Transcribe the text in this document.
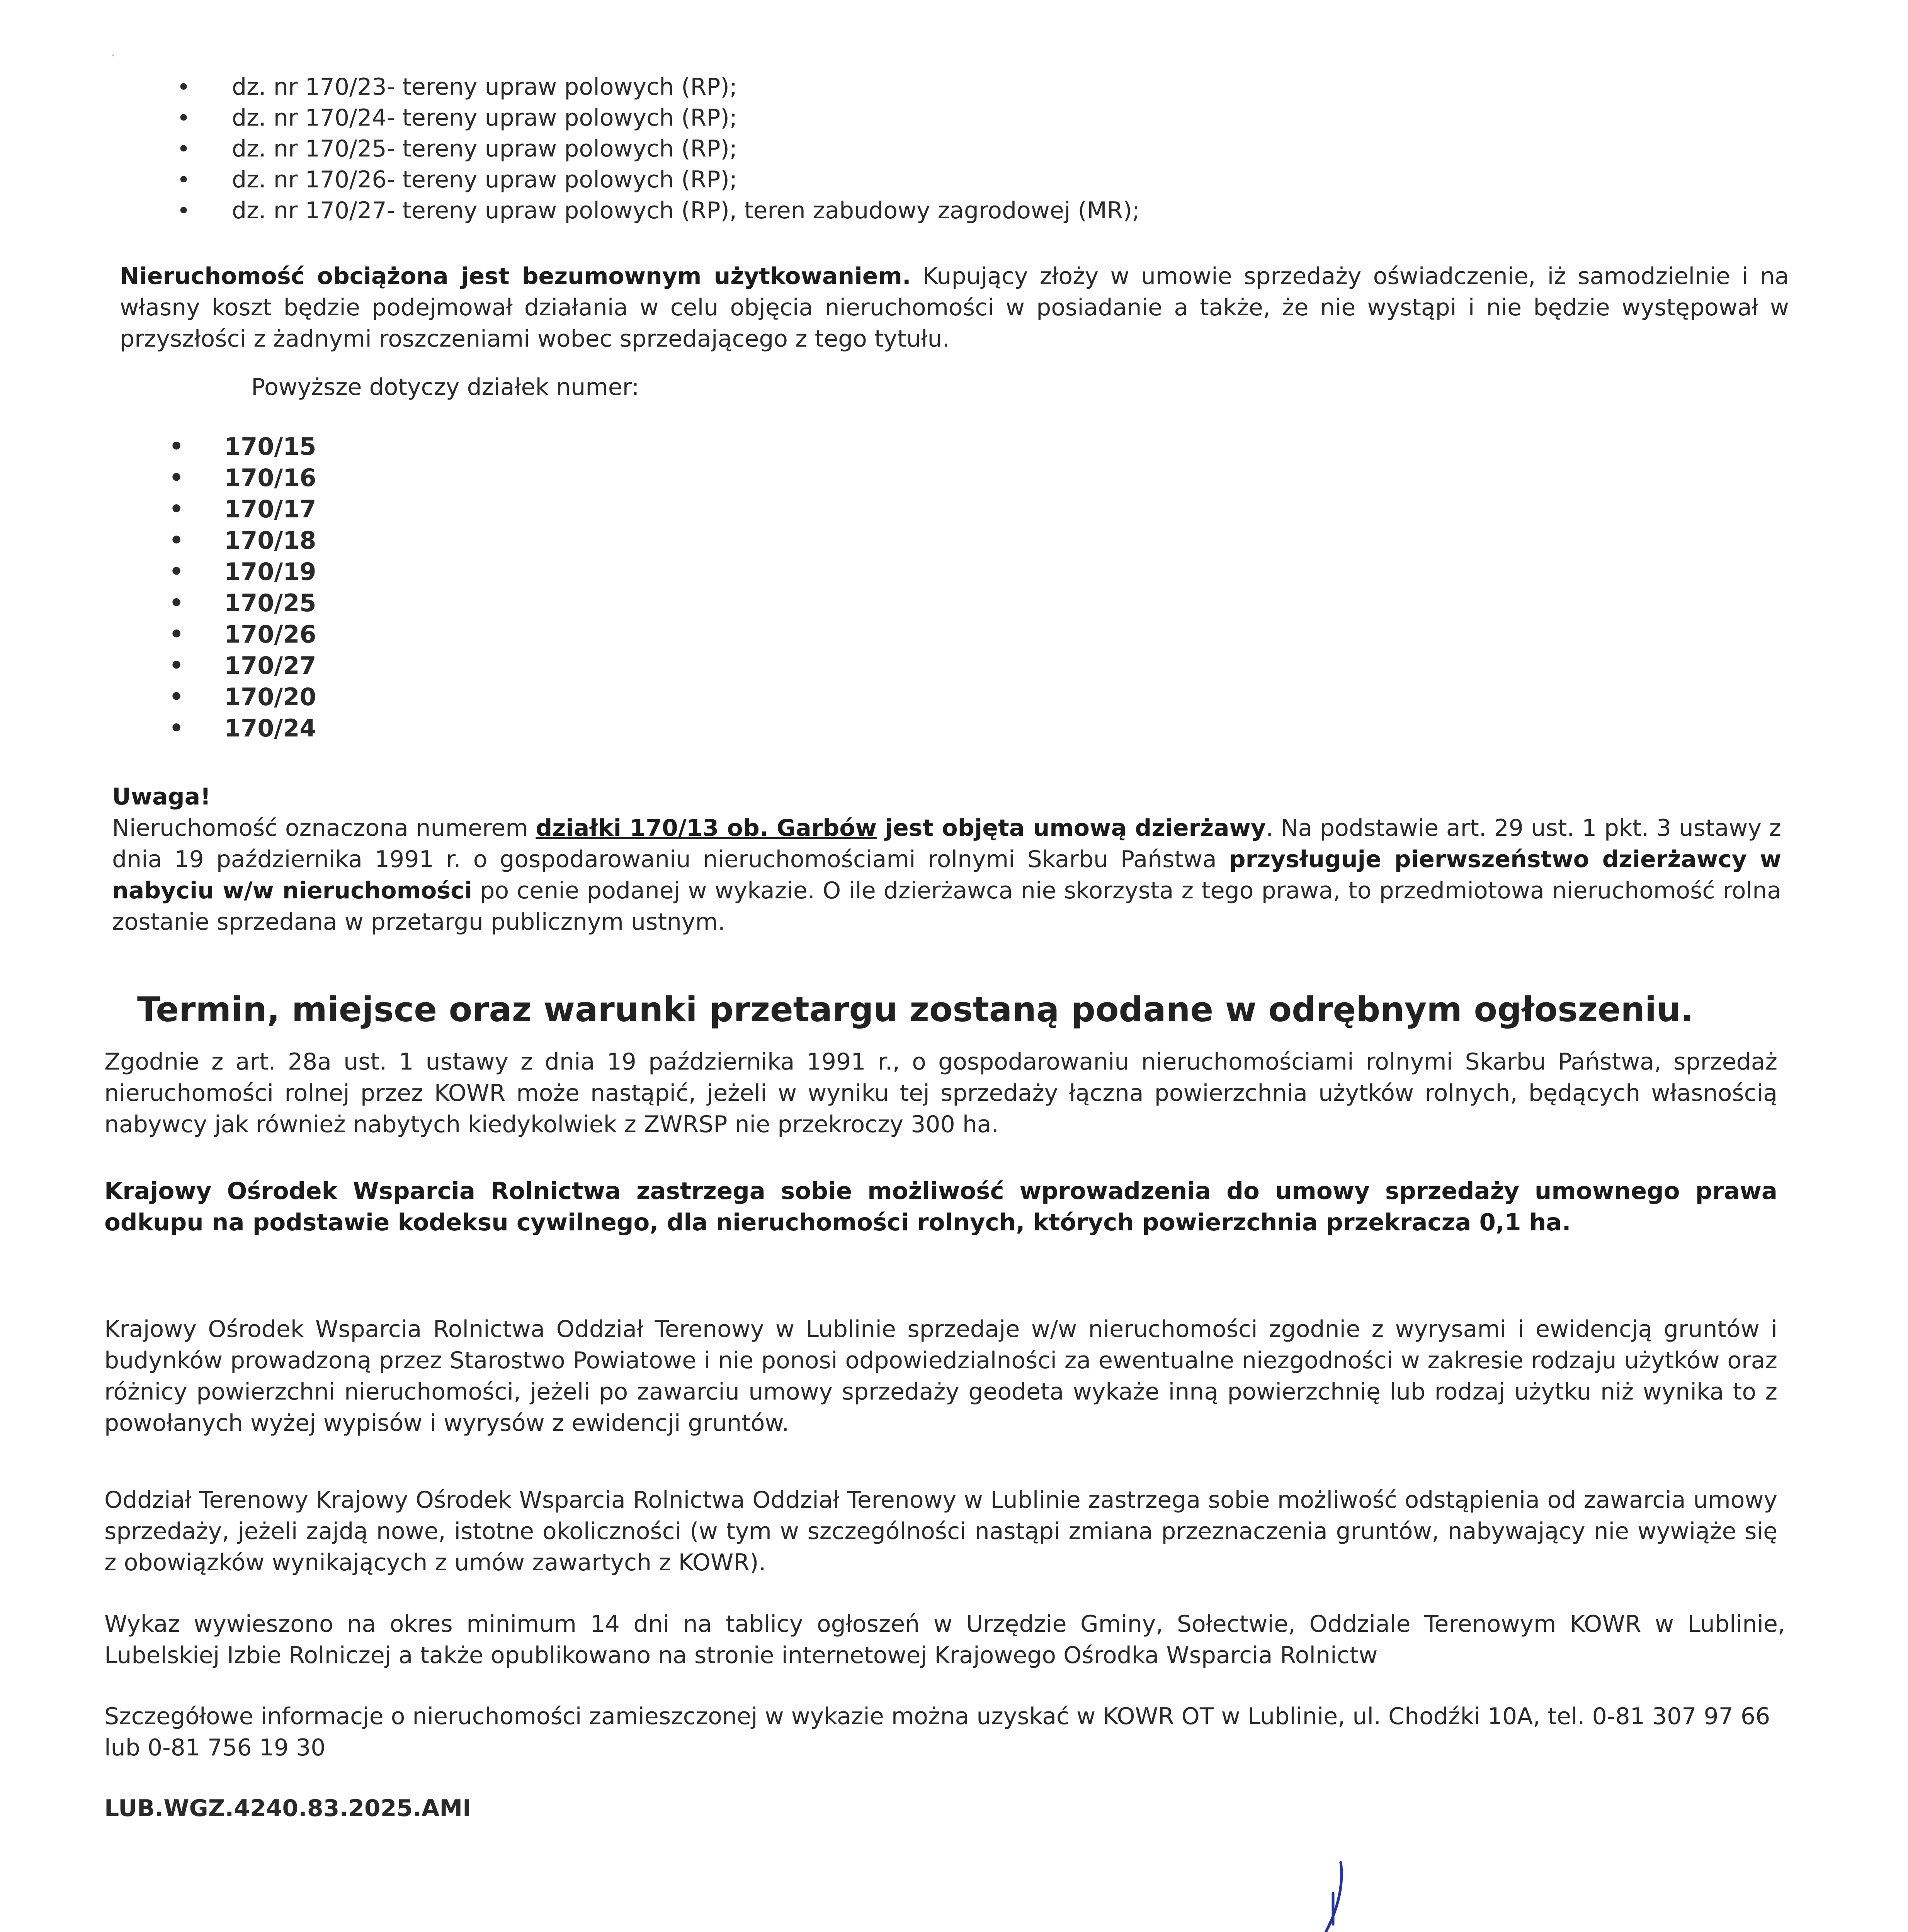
• dz. nr 170/23- tereny upraw polowych (RP);
• dz. nr 170/24- tereny upraw polowych (RP);
• dz. nr 170/25- tereny upraw polowych (RP);
• dz. nr 170/26- tereny upraw polowych (RP);
• dz. nr 170/27- tereny upraw polowych (RP), teren zabudowy zagrodowej (MR);
Nieruchomość obciążona jest bezumownym użytkowaniem. Kupujący złoży w umowie sprzedaży oświadczenie, iż samodzielnie i na własny koszt będzie podejmował działania w celu objęcia nieruchomości w posiadanie a także, że nie wystąpi i nie będzie występował w przyszłości z żadnymi roszczeniami wobec sprzedającego z tego tytułu.
Powyższe dotyczy działek numer:
• 170/15
• 170/16
• 170/17
• 170/18
• 170/19
• 170/25
• 170/26
• 170/27
• 170/20
• 170/24
Uwaga!
Nieruchomość oznaczona numerem działki 170/13 ob. Garbów jest objęta umową dzierżawy. Na podstawie art. 29 ust. 1 pkt. 3 ustawy z dnia 19 października 1991 r. o gospodarowaniu nieruchomościami rolnymi Skarbu Państwa przysługuje pierwszeństwo dzierżawcy w nabyciu w/w nieruchomości po cenie podanej w wykazie. O ile dzierżawca nie skorzysta z tego prawa, to przedmiotowa nieruchomość rolna zostanie sprzedana w przetargu publicznym ustnym.
Termin, miejsce oraz warunki przetargu zostaną podane w odrębnym ogłoszeniu.
Zgodnie z art. 28a ust. 1 ustawy z dnia 19 października 1991 r., o gospodarowaniu nieruchomościami rolnymi Skarbu Państwa, sprzedaż nieruchomości rolnej przez KOWR może nastąpić, jeżeli w wyniku tej sprzedaży łączna powierzchnia użytków rolnych, będących własnością nabywcy jak również nabytych kiedykolwiek z ZWRSP nie przekroczy 300 ha.
Krajowy Ośrodek Wsparcia Rolnictwa zastrzega sobie możliwość wprowadzenia do umowy sprzedaży umownego prawa odkupu na podstawie kodeksu cywilnego, dla nieruchomości rolnych, których powierzchnia przekracza 0,1 ha.
Krajowy Ośrodek Wsparcia Rolnictwa Oddział Terenowy w Lublinie sprzedaje w/w nieruchomości zgodnie z wyrysami i ewidencją gruntów i budynków prowadzoną przez Starostwo Powiatowe i nie ponosi odpowiedzialności za ewentualne niezgodności w zakresie rodzaju użytków oraz różnicy powierzchni nieruchomości, jeżeli po zawarciu umowy sprzedaży geodeta wykaże inną powierzchnię lub rodzaj użytku niż wynika to z powołanych wyżej wypisów i wyrysów z ewidencji gruntów.
Oddział Terenowy Krajowy Ośrodek Wsparcia Rolnictwa Oddział Terenowy w Lublinie zastrzega sobie możliwość odstąpienia od zawarcia umowy sprzedaży, jeżeli zajdą nowe, istotne okoliczności (w tym w szczególności nastąpi zmiana przeznaczenia gruntów, nabywający nie wywiąże się z obowiązków wynikających z umów zawartych z KOWR).
Wykaz wywieszono na okres minimum 14 dni na tablicy ogłoszeń w Urzędzie Gminy, Sołectwie, Oddziale Terenowym KOWR w Lublinie, Lubelskiej Izbie Rolniczej a także opublikowano na stronie internetowej Krajowego Ośrodka Wsparcia Rolnictw
Szczegółowe informacje o nieruchomości zamieszczonej w wykazie można uzyskać w KOWR OT w Lublinie, ul. Chodźki 10A, tel. 0-81 307 97 66 lub 0-81 756 19 30
LUB.WGZ.4240.83.2025.AMI
